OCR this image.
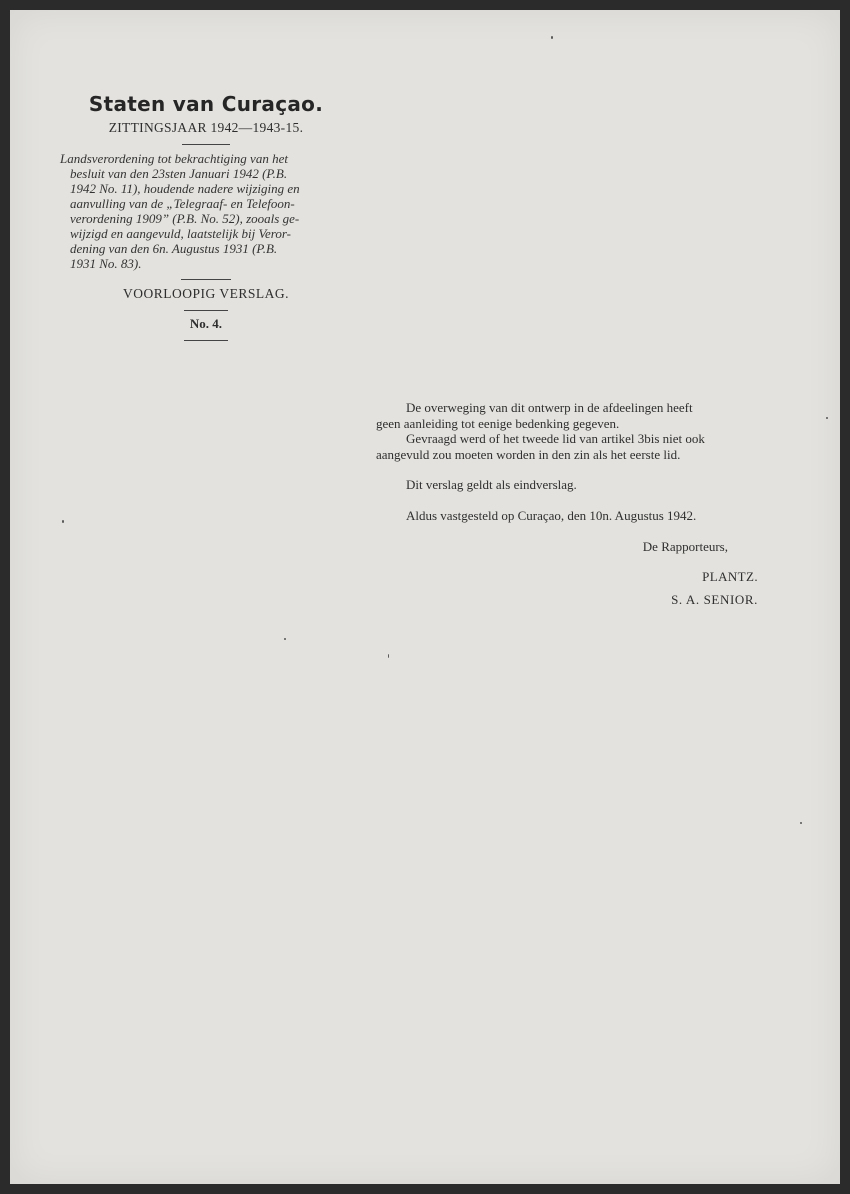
Staten van Curaçao.
ZITTINGSJAAR 1942—1943-15.
Landsverordening tot bekrachtiging van het
besluit van den 23sten Januari 1942 (P.B.
1942 No. 11), houdende nadere wijziging en
aanvulling van de „Telegraaf- en Telefoon-
verordening 1909” (P.B. No. 52), zooals ge-
wijzigd en aangevuld, laatstelijk bij Veror-
dening van den 6n. Augustus 1931 (P.B.
1931 No. 83).
VOORLOOPIG VERSLAG.
No. 4.

De overweging van dit ontwerp in de afdeelingen heeft
geen aanleiding tot eenige bedenking gegeven.

Gevraagd werd of het tweede lid van artikel 3bis niet ook
aangevuld zou moeten worden in den zin als het eerste lid.

Dit verslag geldt als eindverslag.

Aldus vastgesteld op Curaçao, den 10n. Augustus 1942.

De Rapporteurs,
PLANTZ.
S. A. SENIOR.
